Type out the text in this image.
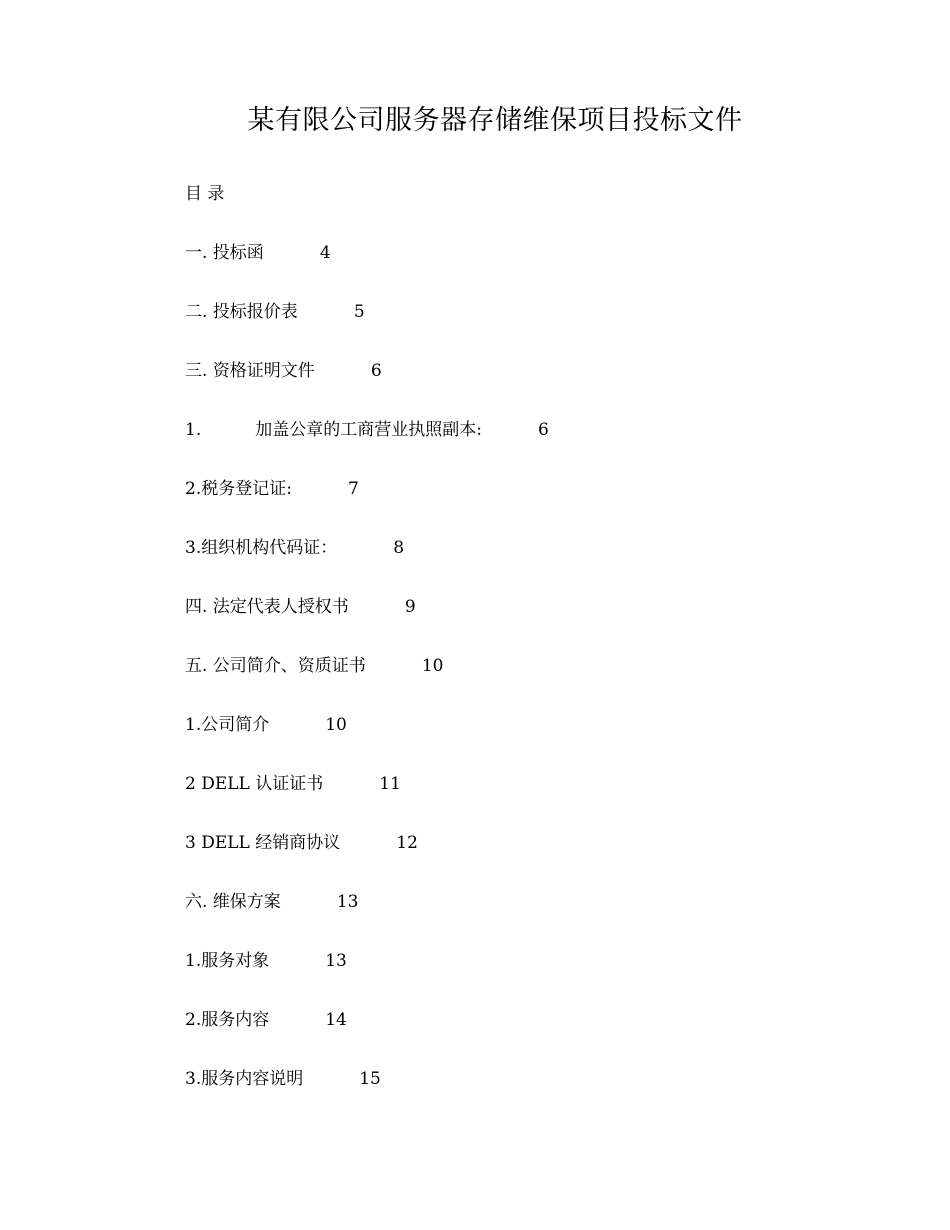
某有限公司服务器存储维保项目投标文件
目 录
一. 投标函	4
二. 投标报价表	5
三. 资格证明文件	6
1.          加盖公章的工商营业执照副本:	6
2.税务登记证:	7
3.组织机构代码证：	8
四. 法定代表人授权书	9
五. 公司简介、资质证书	10
1.公司简介	10
2 DELL 认证证书	11
3 DELL 经销商协议	12
六. 维保方案	13
1.服务对象	13
2.服务内容	14
3.服务内容说明	15
